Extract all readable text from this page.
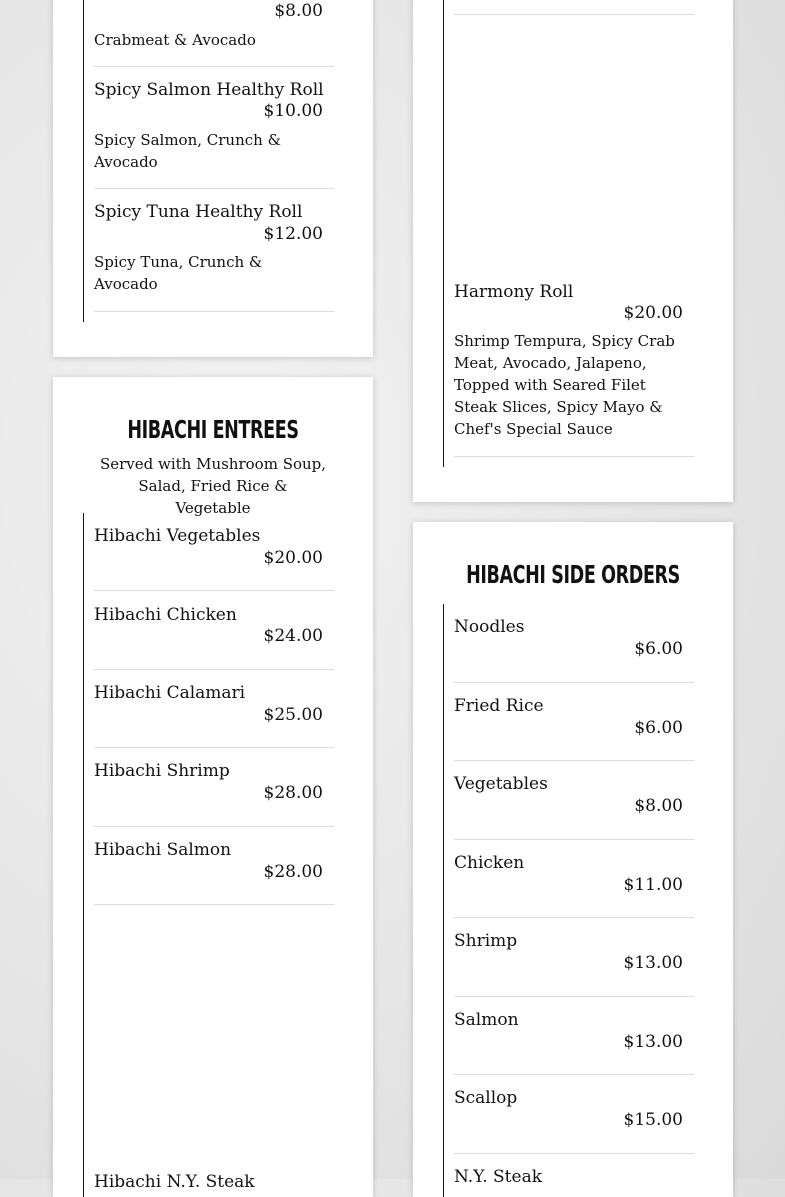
$8.00
Crabmeat & Avocado
Spicy Salmon Healthy Roll
$10.00
Spicy Salmon, Crunch & Avocado
Spicy Tuna Healthy Roll
$12.00
Spicy Tuna, Crunch & Avocado	Harmony Roll
$20.00
Shrimp Tempura, Spicy Crab Meat, Avocado, Jalapeno, Topped with Seared Filet Steak Slices, Spicy Mayo & Chef's Special Sauce
HIBACHI ENTREES
Served with Mushroom Soup, Salad, Fried Rice & Vegetable
Hibachi Vegetables
$20.00
Hibachi Chicken
$24.00
Hibachi Calamari
$25.00
Hibachi Shrimp
$28.00
Hibachi Salmon
$28.00
Hibachi N.Y. Steak
HIBACHI SIDE ORDERS
Noodles
$6.00
Fried Rice
$6.00
Vegetables
$8.00
Chicken
$11.00
Shrimp
$13.00
Salmon
$13.00
Scallop
$15.00
N.Y. Steak
